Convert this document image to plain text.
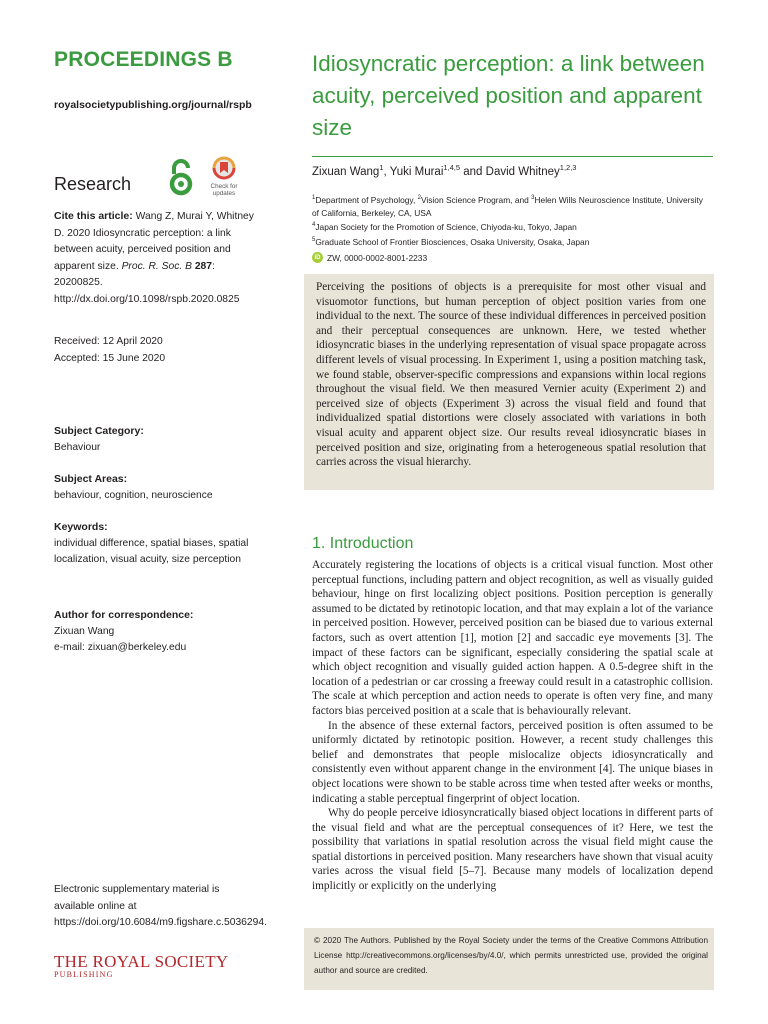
PROCEEDINGS B
royalsocietypublishing.org/journal/rspb
Research	Check for
updates
Cite this article: Wang Z, Murai Y, Whitney D. 2020 Idiosyncratic perception: a link between acuity, perceived position and apparent size. Proc. R. Soc. B 287: 20200825. http://dx.doi.org/10.1098/rspb.2020.0825
Received: 12 April 2020
Accepted: 15 June 2020
Subject Category:
Behaviour
Subject Areas:
behaviour, cognition, neuroscience
Keywords:
individual difference, spatial biases, spatial localization, visual acuity, size perception
Author for correspondence:
Zixuan Wang
e-mail: zixuan@berkeley.edu
Electronic supplementary material is available online at https://doi.org/10.6084/m9.figshare.c.5036294.
THE ROYAL SOCIETY
PUBLISHING
Idiosyncratic perception: a link between acuity, perceived position and apparent size
Zixuan Wang$^1$, Yuki Murai$^{1,4,5}$ and David Whitney$^{1,2,3}$
$^1$Department of Psychology, $^2$Vision Science Program, and $^3$Helen Wills Neuroscience Institute, University of California, Berkeley, CA, USA
$^4$Japan Society for the Promotion of Science, Chiyoda-ku, Tokyo, Japan
$^5$Graduate School of Frontier Biosciences, Osaka University, Osaka, Japan
iD ZW, 0000-0002-8001-2233
Perceiving the positions of objects is a prerequisite for most other visual and visuomotor functions, but human perception of object position varies from one individual to the next. The source of these individual differences in perceived position and their perceptual consequences are unknown. Here, we tested whether idiosyncratic biases in the underlying representation of visual space propagate across different levels of visual processing. In Experiment 1, using a position matching task, we found stable, observer-specific compressions and expansions within local regions throughout the visual field. We then measured Vernier acuity (Experiment 2) and perceived size of objects (Experiment 3) across the visual field and found that individualized spatial distortions were closely associated with variations in both visual acuity and apparent object size. Our results reveal idiosyncratic biases in perceived position and size, originating from a heterogeneous spatial resolution that carries across the visual hierarchy.
1. Introduction

Accurately registering the locations of objects is a critical visual function. Most other perceptual functions, including pattern and object recognition, as well as visually guided behaviour, hinge on first localizing object positions. Position perception is generally assumed to be dictated by retinotopic location, and that may explain a lot of the variance in perceived position. However, perceived position can be biased due to various external factors, such as overt attention [1], motion [2] and saccadic eye movements [3]. The impact of these factors can be significant, especially considering the spatial scale at which object recognition and visually guided action happen. A 0.5-degree shift in the location of a pedestrian or car crossing a freeway could result in a catastrophic collision. The scale at which perception and action needs to operate is often very fine, and many factors bias perceived position at a scale that is behaviourally relevant.

In the absence of these external factors, perceived position is often assumed to be uniformly dictated by retinotopic position. However, a recent study challenges this belief and demonstrates that people mislocalize objects idiosyncratically and consistently even without apparent change in the environment [4]. The unique biases in object locations were shown to be stable across time when tested after weeks or months, indicating a stable perceptual fingerprint of object location.

Why do people perceive idiosyncratically biased object locations in different parts of the visual field and what are the perceptual consequences of it? Here, we test the possibility that variations in spatial resolution across the visual field might cause the spatial distortions in perceived position. Many researchers have shown that visual acuity varies across the visual field [5–7]. Because many models of localization depend implicitly or explicitly on the underlying

© 2020 The Authors. Published by the Royal Society under the terms of the Creative Commons Attribution License http://creativecommons.org/licenses/by/4.0/, which permits unrestricted use, provided the original author and source are credited.
